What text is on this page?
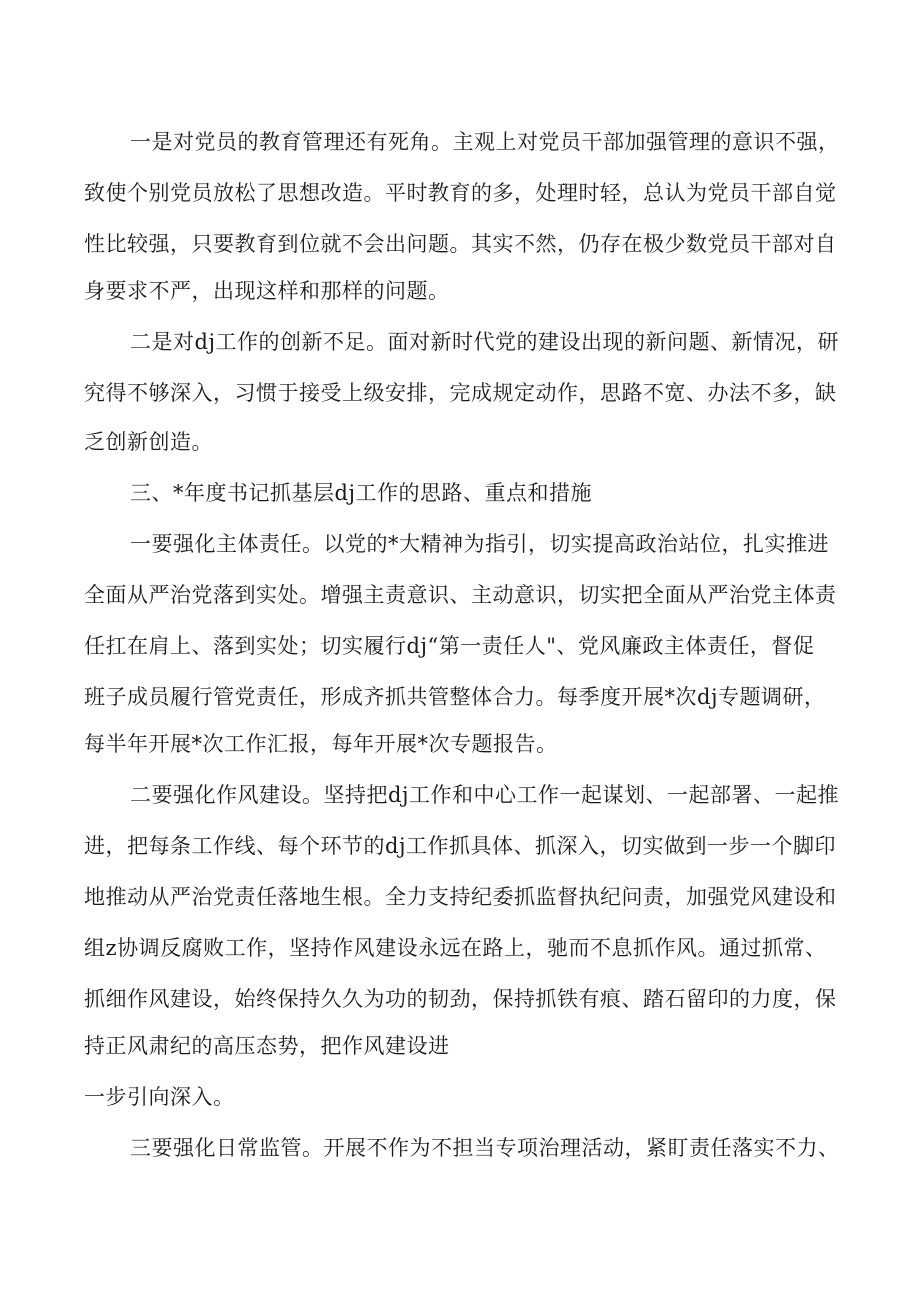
一是对党员的教育管理还有死角。主观上对党员干部加强管理的意识不强，
致使个别党员放松了思想改造。平时教育的多，处理时轻，总认为党员干部自觉
性比较强，只要教育到位就不会出问题。其实不然，仍存在极少数党员干部对自
身要求不严，出现这样和那样的问题。
二是对dj工作的创新不足。面对新时代党的建设出现的新问题、新情况，研
究得不够深入，习惯于接受上级安排，完成规定动作，思路不宽、办法不多，缺
乏创新创造。
三、*年度书记抓基层dj工作的思路、重点和措施
一要强化主体责任。以党的*大精神为指引，切实提高政治站位，扎实推进
全面从严治党落到实处。增强主责意识、主动意识，切实把全面从严治党主体责
任扛在肩上、落到实处；切实履行dj“第一责任人"、党风廉政主体责任，督促
班子成员履行管党责任，形成齐抓共管整体合力。每季度开展*次dj专题调研，
每半年开展*次工作汇报，每年开展*次专题报告。
二要强化作风建设。坚持把dj工作和中心工作一起谋划、一起部署、一起推
进，把每条工作线、每个环节的dj工作抓具体、抓深入，切实做到一步一个脚印
地推动从严治党责任落地生根。全力支持纪委抓监督执纪问责，加强党风建设和
组z协调反腐败工作，坚持作风建设永远在路上，驰而不息抓作风。通过抓常、
抓细作风建设，始终保持久久为功的韧劲，保持抓铁有痕、踏石留印的力度，保
持正风肃纪的高压态势，把作风建设进
一步引向深入。
三要强化日常监管。开展不作为不担当专项治理活动，紧盯责任落实不力、
